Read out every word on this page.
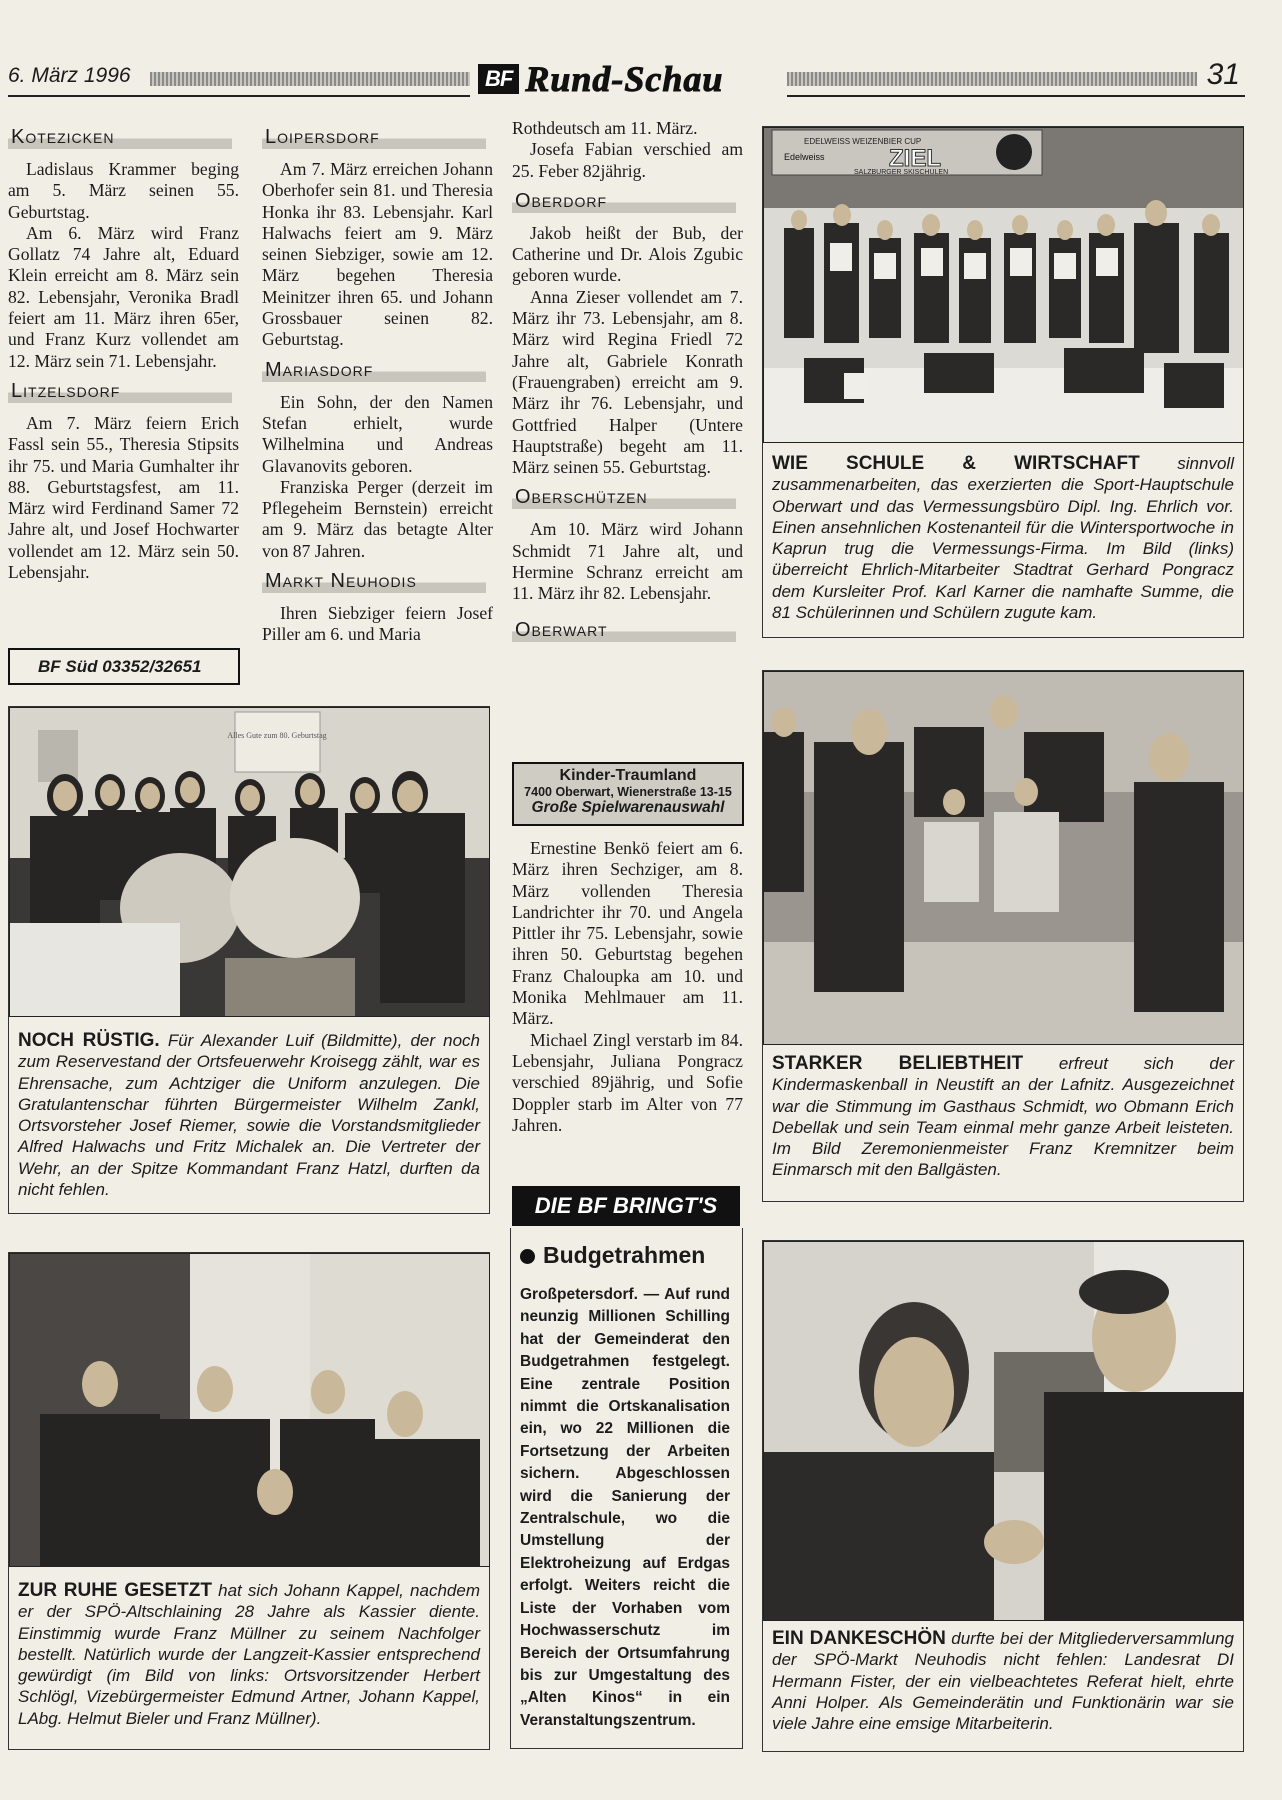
6. März 1996	BF Rund-Schau	31
Kotezicken

Ladislaus Krammer beging am 5. März seinen 55. Geburtstag.

Am 6. März wird Franz Gollatz 74 Jahre alt, Eduard Klein erreicht am 8. März sein 82. Lebensjahr, Veronika Bradl feiert am 11. März ihren 65er, und Franz Kurz vollendet am 12. März sein 71. Lebensjahr.

Litzelsdorf

Am 7. März feiern Erich Fassl sein 55., Theresia Stipsits ihr 75. und Maria Gumhalter ihr 88. Geburtstagsfest, am 11. März wird Ferdinand Samer 72 Jahre alt, und Josef Hochwarter vollendet am 12. März sein 50. Lebensjahr.

BF Süd 03352/32651
Loipersdorf

Am 7. März erreichen Johann Oberhofer sein 81. und Theresia Honka ihr 83. Lebensjahr. Karl Halwachs feiert am 9. März seinen Siebziger, sowie am 12. März begehen Theresia Meinitzer ihren 65. und Johann Grossbauer seinen 82. Geburtstag.

Mariasdorf

Ein Sohn, der den Namen Stefan erhielt, wurde Wilhelmina und Andreas Glavanovits geboren.

Franziska Perger (derzeit im Pflegeheim Bernstein) erreicht am 9. März das betagte Alter von 87 Jahren.

Markt Neuhodis

Ihren Siebziger feiern Josef Piller am 6. und Maria

Rothdeutsch am 11. März.

Josefa Fabian verschied am 25. Feber 82jährig.

Oberdorf

Jakob heißt der Bub, der Catherine und Dr. Alois Zgubic geboren wurde.

Anna Zieser vollendet am 7. März ihr 73. Lebensjahr, am 8. März wird Regina Friedl 72 Jahre alt, Gabriele Konrath (Frauengraben) erreicht am 9. März ihr 76. Lebensjahr, und Gottfried Halper (Untere Hauptstraße) begeht am 11. März seinen 55. Geburtstag.

Oberschützen

Am 10. März wird Johann Schmidt 71 Jahre alt, und Hermine Schranz erreicht am 11. März ihr 82. Lebensjahr.

Oberwart
Kinder-Traumland
7400 Oberwart, Wienerstraße 13-15
Große Spielwarenauswahl

Ernestine Benkö feiert am 6. März ihren Sechziger, am 8. März vollenden Theresia Landrichter ihr 70. und Angela Pittler ihr 75. Lebensjahr, sowie ihren 50. Geburtstag begehen Franz Chaloupka am 10. und Monika Mehlmauer am 11. März.

Michael Zingl verstarb im 84. Lebensjahr, Juliana Pongracz verschied 89jährig, und Sofie Doppler starb im Alter von 77 Jahren.

DIE BF BRINGT'S
Budgetrahmen
Großpetersdorf. — Auf rund neunzig Millionen Schilling hat der Gemeinderat den Budgetrahmen festgelegt. Eine zentrale Position nimmt die Ortskanalisation ein, wo 22 Millionen die Fortsetzung der Arbeiten sichern. Abgeschlossen wird die Sanierung der Zentralschule, wo die Umstellung der Elektroheizung auf Erdgas erfolgt. Weiters reicht die Liste der Vorhaben vom Hochwasserschutz im Bereich der Ortsumfahrung bis zur Umgestaltung des „Alten Kinos“ in ein Veranstaltungszentrum.
Alles Gute zum 80. Geburtstag
NOCH RÜSTIG. Für Alexander Luif (Bildmitte), der noch zum Reservestand der Ortsfeuerwehr Kroisegg zählt, war es Ehrensache, zum Achtziger die Uniform anzulegen. Die Gratulantenschar führten Bürgermeister Wilhelm Zankl, Ortsvorsteher Josef Riemer, sowie die Vorstandsmitglieder Alfred Halwachs und Fritz Michalek an. Die Vertreter der Wehr, an der Spitze Kommandant Franz Hatzl, durften da nicht fehlen.
ZUR RUHE GESETZT hat sich Johann Kappel, nachdem er der SPÖ-Altschlaining 28 Jahre als Kassier diente. Einstimmig wurde Franz Müllner zu seinem Nachfolger bestellt. Natürlich wurde der Langzeit-Kassier entsprechend gewürdigt (im Bild von links: Ortsvorsitzender Herbert Schlögl, Vizebürgermeister Edmund Artner, Johann Kappel, LAbg. Helmut Bieler und Franz Müllner).
EDELWEISS WEIZENBIER CUP
Edelweiss	ZIEL
SALZBURGER SKISCHULEN
WIE SCHULE & WIRTSCHAFT sinnvoll zusammenarbeiten, das exerzierten die Sport-Hauptschule Oberwart und das Vermessungsbüro Dipl. Ing. Ehrlich vor. Einen ansehnlichen Kostenanteil für die Wintersportwoche in Kaprun trug die Vermessungs-Firma. Im Bild (links) überreicht Ehrlich-Mitarbeiter Stadtrat Gerhard Pongracz dem Kursleiter Prof. Karl Karner die namhafte Summe, die 81 Schülerinnen und Schülern zugute kam.
STARKER BELIEBTHEIT erfreut sich der Kindermaskenball in Neustift an der Lafnitz. Ausgezeichnet war die Stimmung im Gasthaus Schmidt, wo Obmann Erich Debellak und sein Team einmal mehr ganze Arbeit leisteten. Im Bild Zeremonienmeister Franz Kremnitzer beim Einmarsch mit den Ballgästen.
EIN DANKESCHÖN durfte bei der Mitgliederversammlung der SPÖ-Markt Neuhodis nicht fehlen: Landesrat DI Hermann Fister, der ein vielbeachtetes Referat hielt, ehrte Anni Holper. Als Gemeinderätin und Funktionärin war sie viele Jahre eine emsige Mitarbeiterin.
